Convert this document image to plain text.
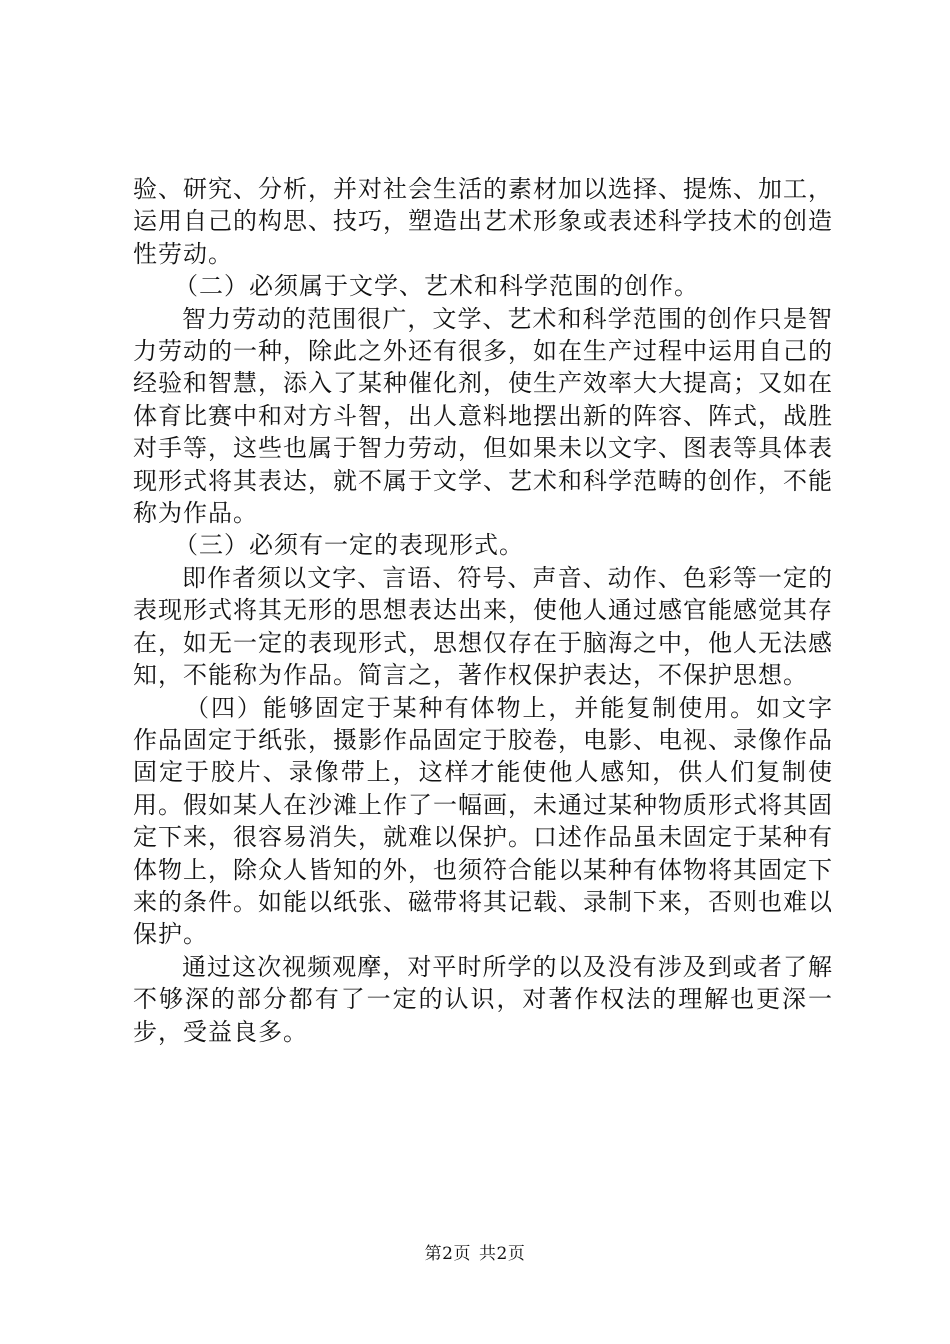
验、研究、分析，并对社会生活的素材加以选择、提炼、加工，运用自己的构思、技巧，塑造出艺术形象或表述科学技术的创造性劳动。

（二）必须属于文学、艺术和科学范围的创作。

智力劳动的范围很广，文学、艺术和科学范围的创作只是智力劳动的一种，除此之外还有很多，如在生产过程中运用自己的经验和智慧，添入了某种催化剂，使生产效率大大提高；又如在体育比赛中和对方斗智，出人意料地摆出新的阵容、阵式，战胜对手等，这些也属于智力劳动，但如果未以文字、图表等具体表现形式将其表达，就不属于文学、艺术和科学范畴的创作，不能称为作品。

（三）必须有一定的表现形式。

即作者须以文字、言语、符号、声音、动作、色彩等一定的表现形式将其无形的思想表达出来，使他人通过感官能感觉其存在，如无一定的表现形式，思想仅存在于脑海之中，他人无法感知，不能称为作品。简言之，著作权保护表达，不保护思想。

（四）能够固定于某种有体物上，并能复制使用。如文字作品固定于纸张，摄影作品固定于胶卷，电影、电视、录像作品固定于胶片、录像带上，这样才能使他人感知，供人们复制使用。假如某人在沙滩上作了一幅画，未通过某种物质形式将其固定下来，很容易消失，就难以保护。口述作品虽未固定于某种有体物上，除众人皆知的外，也须符合能以某种有体物将其固定下来的条件。如能以纸张、磁带将其记载、录制下来，否则也难以保护。

通过这次视频观摩，对平时所学的以及没有涉及到或者了解不够深的部分都有了一定的认识，对著作权法的理解也更深一步，受益良多。

第2页 共2页
